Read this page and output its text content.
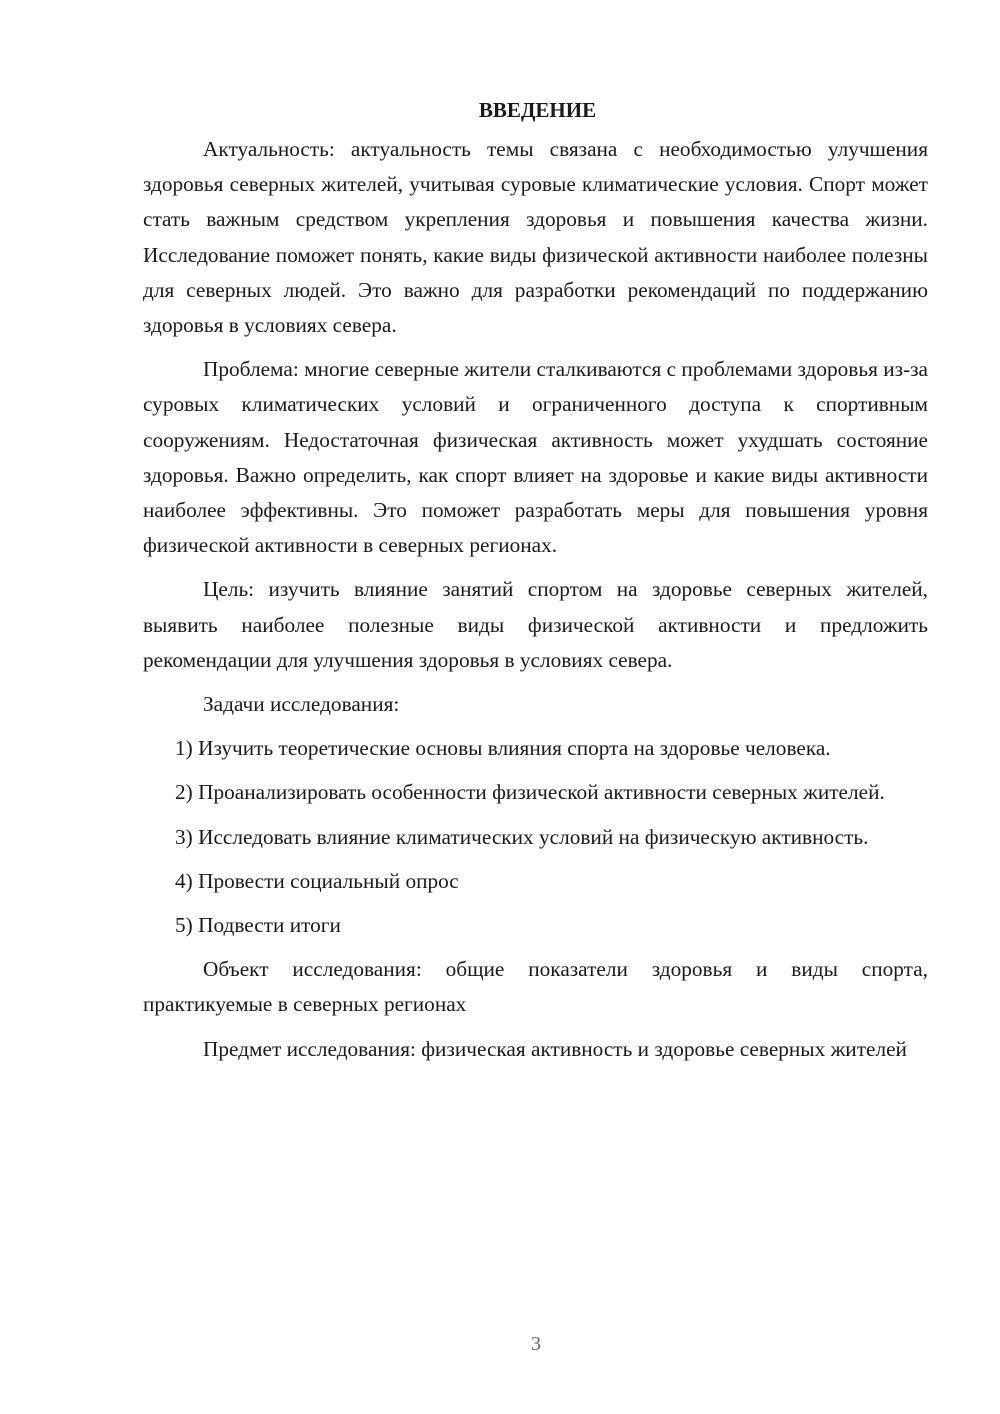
ВВЕДЕНИЕ

Актуальность: актуальность темы связана с необходимостью улучшения здоровья северных жителей, учитывая суровые климатические условия. Спорт может стать важным средством укрепления здоровья и повышения качества жизни. Исследование поможет понять, какие виды физической активности наиболее полезны для северных людей. Это важно для разработки рекомендаций по поддержанию здоровья в условиях севера.

Проблема: многие северные жители сталкиваются с проблемами здоровья из-за суровых климатических условий и ограниченного доступа к спортивным сооружениям. Недостаточная физическая активность может ухудшать состояние здоровья. Важно определить, как спорт влияет на здоровье и какие виды активности наиболее эффективны. Это поможет разработать меры для повышения уровня физической активности в северных регионах.

Цель: изучить влияние занятий спортом на здоровье северных жителей, выявить наиболее полезные виды физической активности и предложить рекомендации для улучшения здоровья в условиях севера.

Задачи исследования:

1) Изучить теоретические основы влияния спорта на здоровье человека.

2) Проанализировать особенности физической активности северных жителей.

3) Исследовать влияние климатических условий на физическую активность.

4) Провести социальный опрос

5) Подвести итоги

Объект исследования: общие показатели здоровья и виды спорта, практикуемые в северных регионах

Предмет исследования: физическая активность и здоровье северных жителей

3
